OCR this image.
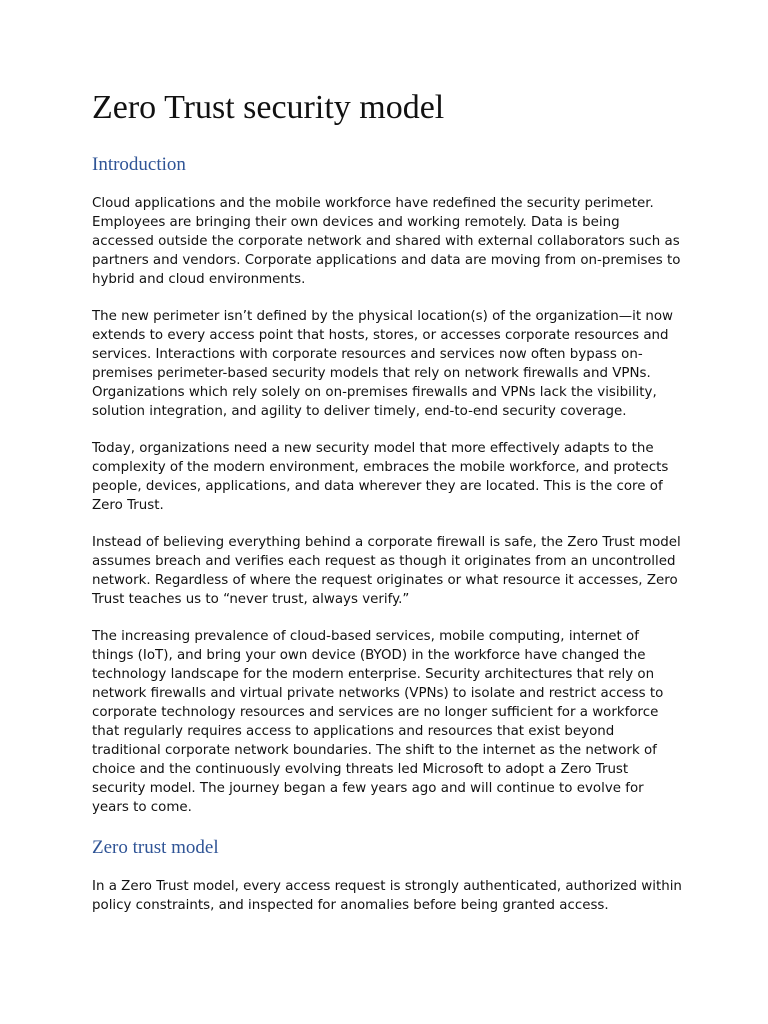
Zero Trust security model
Introduction

Cloud applications and the mobile workforce have redefined the security perimeter. Employees are bringing their own devices and working remotely. Data is being accessed outside the corporate network and shared with external collaborators such as partners and vendors. Corporate applications and data are moving from on-premises to hybrid and cloud environments.

The new perimeter isn’t defined by the physical location(s) of the organization—it now extends to every access point that hosts, stores, or accesses corporate resources and services. Interactions with corporate resources and services now often bypass on-premises perimeter-based security models that rely on network firewalls and VPNs. Organizations which rely solely on on-premises firewalls and VPNs lack the visibility, solution integration, and agility to deliver timely, end-to-end security coverage.

Today, organizations need a new security model that more effectively adapts to the complexity of the modern environment, embraces the mobile workforce, and protects people, devices, applications, and data wherever they are located. This is the core of Zero Trust.

Instead of believing everything behind a corporate firewall is safe, the Zero Trust model assumes breach and verifies each request as though it originates from an uncontrolled network. Regardless of where the request originates or what resource it accesses, Zero Trust teaches us to “never trust, always verify.”

The increasing prevalence of cloud-based services, mobile computing, internet of things (IoT), and bring your own device (BYOD) in the workforce have changed the technology landscape for the modern enterprise. Security architectures that rely on network firewalls and virtual private networks (VPNs) to isolate and restrict access to corporate technology resources and services are no longer sufficient for a workforce that regularly requires access to applications and resources that exist beyond traditional corporate network boundaries. The shift to the internet as the network of choice and the continuously evolving threats led Microsoft to adopt a Zero Trust security model. The journey began a few years ago and will continue to evolve for years to come.

Zero trust model

In a Zero Trust model, every access request is strongly authenticated, authorized within policy constraints, and inspected for anomalies before being granted access.
